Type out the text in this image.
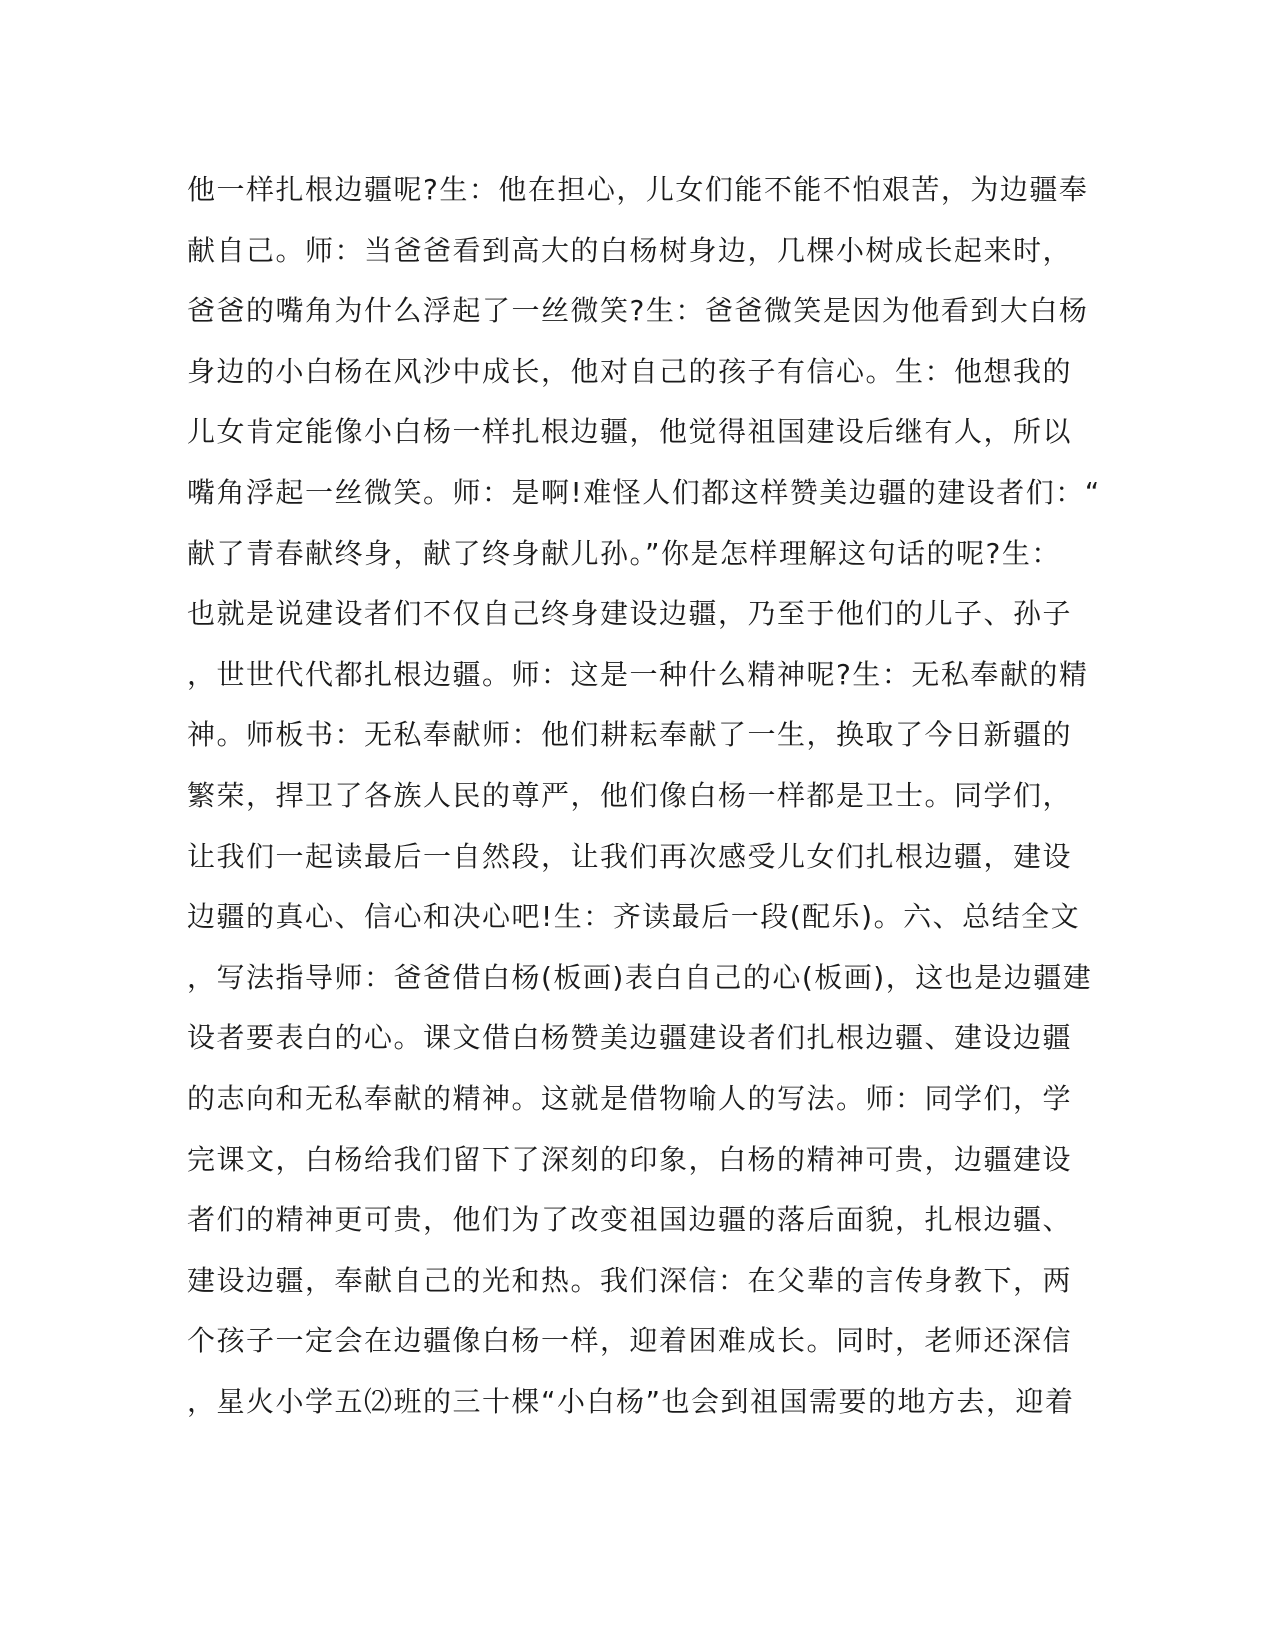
他一样扎根边疆呢?生：他在担心，儿女们能不能不怕艰苦，为边疆奉
献自己。师：当爸爸看到高大的白杨树身边，几棵小树成长起来时，
爸爸的嘴角为什么浮起了一丝微笑?生：爸爸微笑是因为他看到大白杨
身边的小白杨在风沙中成长，他对自己的孩子有信心。生：他想我的
儿女肯定能像小白杨一样扎根边疆，他觉得祖国建设后继有人，所以
嘴角浮起一丝微笑。师：是啊!难怪人们都这样赞美边疆的建设者们：“
献了青春献终身，献了终身献儿孙。”你是怎样理解这句话的呢?生：
也就是说建设者们不仅自己终身建设边疆，乃至于他们的儿子、孙子
，世世代代都扎根边疆。师：这是一种什么精神呢?生：无私奉献的精
神。师板书：无私奉献师：他们耕耘奉献了一生，换取了今日新疆的
繁荣，捍卫了各族人民的尊严，他们像白杨一样都是卫士。同学们，
让我们一起读最后一自然段，让我们再次感受儿女们扎根边疆，建设
边疆的真心、信心和决心吧!生：齐读最后一段(配乐)。六、总结全文
，写法指导师：爸爸借白杨(板画)表白自己的心(板画)，这也是边疆建
设者要表白的心。课文借白杨赞美边疆建设者们扎根边疆、建设边疆
的志向和无私奉献的精神。这就是借物喻人的写法。师：同学们，学
完课文，白杨给我们留下了深刻的印象，白杨的精神可贵，边疆建设
者们的精神更可贵，他们为了改变祖国边疆的落后面貌，扎根边疆、
建设边疆，奉献自己的光和热。我们深信：在父辈的言传身教下，两
个孩子一定会在边疆像白杨一样，迎着困难成长。同时，老师还深信
，星火小学五⑵班的三十棵“小白杨”也会到祖国需要的地方去，迎着
